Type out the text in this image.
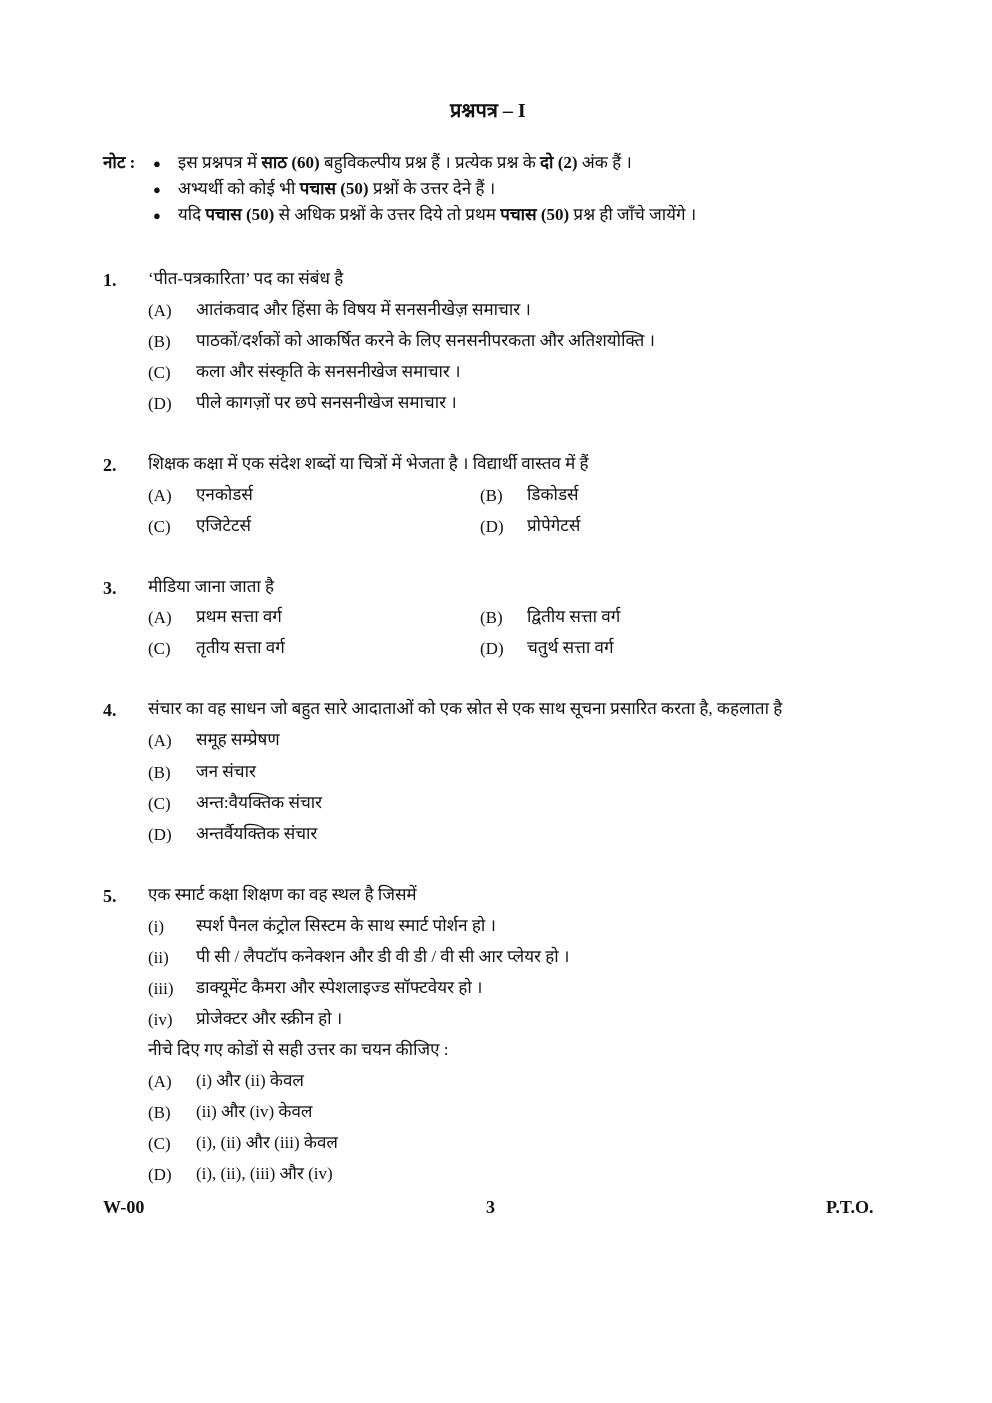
प्रश्नपत्र – I
नोट : ● इस प्रश्नपत्र में साठ (60) बहुविकल्पीय प्रश्न हैं । प्रत्येक प्रश्न के दो (2) अंक हैं ।
● अभ्यर्थी को कोई भी पचास (50) प्रश्नों के उत्तर देने हैं ।
● यदि पचास (50) से अधिक प्रश्नों के उत्तर दिये तो प्रथम पचास (50) प्रश्न ही जाँचे जायेंगे ।
1. ‘पीत-पत्रकारिता’ पद का संबंध है
(A) आतंकवाद और हिंसा के विषय में सनसनीखेज़ समाचार ।
(B) पाठकों/दर्शकों को आकर्षित करने के लिए सनसनीपरकता और अतिशयोक्ति ।
(C) कला और संस्कृति के सनसनीखेज समाचार ।
(D) पीले कागज़ों पर छपे सनसनीखेज समाचार ।
2. शिक्षक कक्षा में एक संदेश शब्दों या चित्रों में भेजता है । विद्यार्थी वास्तव में हैं
(A) एनकोडर्स	(B) डिकोडर्स
(C) एजिटेटर्स	(D) प्रोपेगेटर्स
3. मीडिया जाना जाता है
(A) प्रथम सत्ता वर्ग	(B) द्वितीय सत्ता वर्ग
(C) तृतीय सत्ता वर्ग	(D) चतुर्थ सत्ता वर्ग
4. संचार का वह साधन जो बहुत सारे आदाताओं को एक स्रोत से एक साथ सूचना प्रसारित करता है, कहलाता है
(A) समूह सम्प्रेषण
(B) जन संचार
(C) अन्त:वैयक्तिक संचार
(D) अन्तर्वैयक्तिक संचार
5. एक स्मार्ट कक्षा शिक्षण का वह स्थल है जिसमें
(i) स्पर्श पैनल कंट्रोल सिस्टम के साथ स्मार्ट पोर्शन हो ।
(ii) पी सी / लैपटॉप कनेक्शन और डी वी डी / वी सी आर प्लेयर हो ।
(iii) डाक्यूमेंट कैमरा और स्पेशलाइज्ड सॉफ्टवेयर हो ।
(iv) प्रोजेक्टर और स्क्रीन हो ।
नीचे दिए गए कोडों से सही उत्तर का चयन कीजिए :
(A) (i) और (ii) केवल
(B) (ii) और (iv) केवल
(C) (i), (ii) और (iii) केवल
(D) (i), (ii), (iii) और (iv)
W-00	3	P.T.O.
